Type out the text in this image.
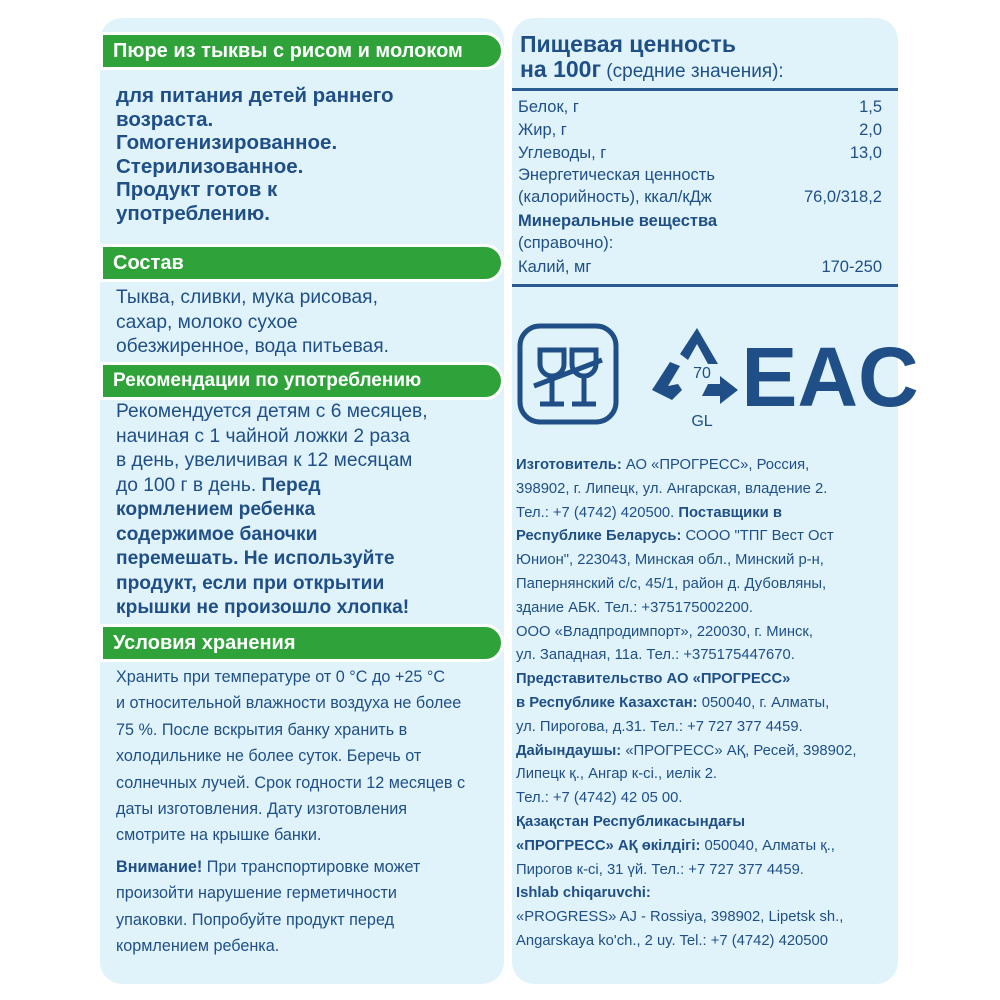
Пюре из тыквы с рисом и молоком
для питания детей раннего
возраста.
Гомогенизированное.
Стерилизованное.
Продукт готов к
употреблению.
Состав
Тыква, сливки, мука рисовая,
сахар, молоко сухое
обезжиренное, вода питьевая.
Рекомендации по употреблению
Рекомендуется детям с 6 месяцев,
начиная с 1 чайной ложки 2 раза
в день, увеличивая к 12 месяцам
до 100 г в день. Перед
кормлением ребенка
содержимое баночки
перемешать. Не используйте
продукт, если при открытии
крышки не произошло хлопка!
Условия хранения
Хранить при температуре от 0 °С до +25 °С
и относительной влажности воздуха не более
75 %. После вскрытия банку хранить в
холодильнике не более суток. Беречь от
солнечных лучей. Срок годности 12 месяцев с
даты изготовления. Дату изготовления
смотрите на крышке банки.
Внимание! При транспортировке может
произойти нарушение герметичности
упаковки. Попробуйте продукт перед
кормлением ребенка.
Пищевая ценность
на 100г (средние значения):
Белок, г	1,5
Жир, г	2,0
Углеводы, г	13,0
Энергетическая ценность
(калорийность), ккал/кДж	76,0/318,2
Минеральные вещества
(справочно):
Калий, мг	170-250
70
GL EAC
Изготовитель: АО «ПРОГРЕСС», Россия,
398902, г. Липецк, ул. Ангарская, владение 2.
Тел.: +7 (4742) 420500. Поставщики в
Республике Беларусь: СООО "ТПГ Вест Ост
Юнион", 223043, Минская обл., Минский р-н,
Папернянский с/с, 45/1, район д. Дубовляны,
здание АБК. Тел.: +375175002200.
ООО «Владпродимпорт», 220030, г. Минск,
ул. Западная, 11а. Тел.: +375175447670.
Представительство АО «ПРОГРЕСС»
в Республике Казахстан: 050040, г. Алматы,
ул. Пирогова, д.31. Тел.: +7 727 377 4459.
Дайындаушы: «ПРОГРЕСС» АҚ, Ресей, 398902,
Липецк қ., Ангар к-сі., иелік 2.
Тел.: +7 (4742) 42 05 00.
Қазақстан Республикасындағы
«ПРОГРЕСС» АҚ өкілдігі: 050040, Алматы қ.,
Пирогов к-сі, 31 үй. Тел.: +7 727 377 4459.
Ishlab chiqaruvchi:
«PROGRESS» AJ - Rossiya, 398902, Lipetsk sh.,
Angarskaya ko'ch., 2 uy. Tel.: +7 (4742) 420500
